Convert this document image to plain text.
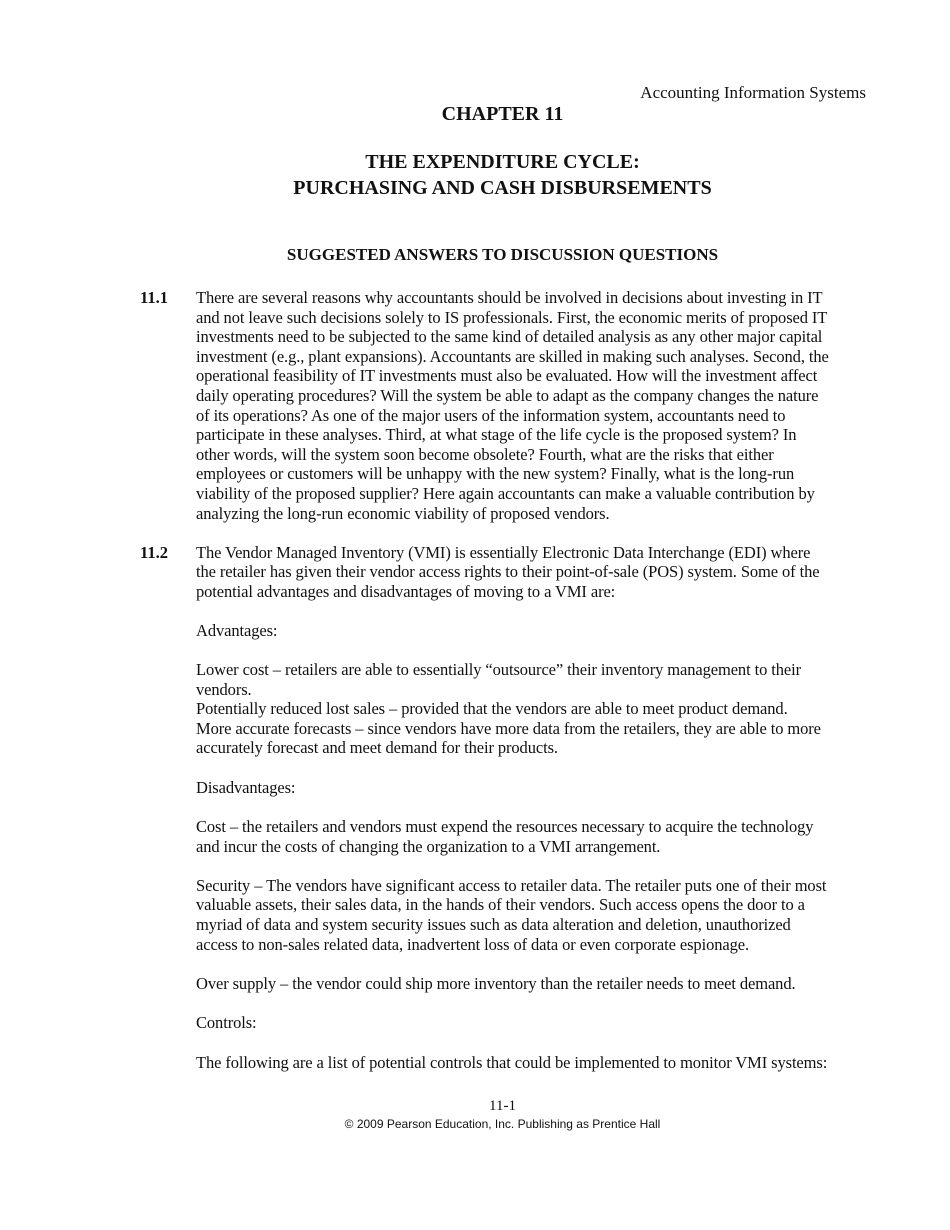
Accounting Information Systems
CHAPTER 11
THE EXPENDITURE CYCLE:
PURCHASING AND CASH DISBURSEMENTS
SUGGESTED ANSWERS TO DISCUSSION QUESTIONS
11.1 There are several reasons why accountants should be involved in decisions about investing in IT
and not leave such decisions solely to IS professionals. First, the economic merits of proposed IT
investments need to be subjected to the same kind of detailed analysis as any other major capital
investment (e.g., plant expansions). Accountants are skilled in making such analyses. Second, the
operational feasibility of IT investments must also be evaluated. How will the investment affect
daily operating procedures? Will the system be able to adapt as the company changes the nature
of its operations? As one of the major users of the information system, accountants need to
participate in these analyses. Third, at what stage of the life cycle is the proposed system? In
other words, will the system soon become obsolete? Fourth, what are the risks that either
employees or customers will be unhappy with the new system? Finally, what is the long-run
viability of the proposed supplier? Here again accountants can make a valuable contribution by
analyzing the long-run economic viability of proposed vendors.
11.2 The Vendor Managed Inventory (VMI) is essentially Electronic Data Interchange (EDI) where
the retailer has given their vendor access rights to their point-of-sale (POS) system. Some of the
potential advantages and disadvantages of moving to a VMI are:
Advantages:
Lower cost – retailers are able to essentially “outsource” their inventory management to their
vendors.
Potentially reduced lost sales – provided that the vendors are able to meet product demand.
More accurate forecasts – since vendors have more data from the retailers, they are able to more
accurately forecast and meet demand for their products.
Disadvantages:
Cost – the retailers and vendors must expend the resources necessary to acquire the technology
and incur the costs of changing the organization to a VMI arrangement.
Security – The vendors have significant access to retailer data. The retailer puts one of their most
valuable assets, their sales data, in the hands of their vendors. Such access opens the door to a
myriad of data and system security issues such as data alteration and deletion, unauthorized
access to non-sales related data, inadvertent loss of data or even corporate espionage.
Over supply – the vendor could ship more inventory than the retailer needs to meet demand.
Controls:
The following are a list of potential controls that could be implemented to monitor VMI systems:
11-1
© 2009 Pearson Education, Inc. Publishing as Prentice Hall
